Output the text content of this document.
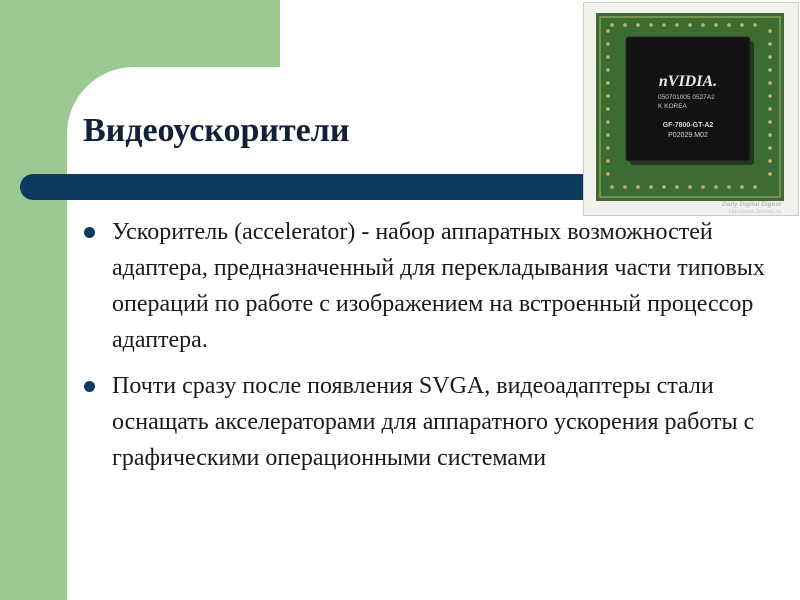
Видеоускорители
nVIDIA.
050701005 0527A2
K KOREA
GF-7800-GT-A2
P02029.M02
Daily Digital Digest
http://www.3dnews.ru
Ускоритель (accelerator) - набор аппаратных возможностей адаптера, предназначенный для перекладывания части типовых операций по работе с изображением на встроенный процессор адаптера.
Почти сразу после появления SVGA, видеоадаптеры стали оснащать акселераторами для аппаратного ускорения работы с графическими операционными системами
